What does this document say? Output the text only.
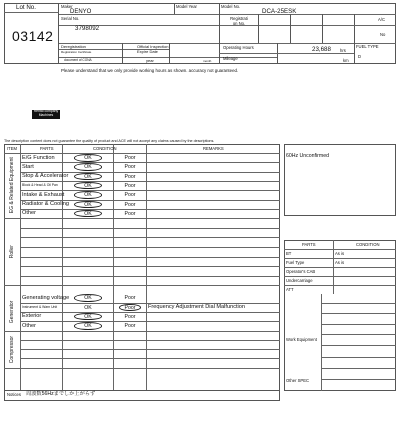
Lot No.
03142
Maker
DENYO
Model Year	Model No.
DCA-25ESK
Serial No.
3798092
Registrati
on No.
A/C
No
Deregistration
Registration Certificate
document of CONA
Official Inspection
Expire Date
year	month
Operating Hours	23,688 hrs
Mileage	km
FUEL TYPE
D
Please understand that we only provide working hours as shown. accuracy not guaranteed.
Rental company
Machines
The description content does not guarantee the quality of product and ACE will not accept any claims caused by the descriptions.
ITEM	PARTS	CONDITION	REMARKS
E/G Function	OK	Poor
Start	OK	Poor
Stop & Accelerator	OK	Poor
Block & Head & Oil Pan	OK	Poor
Intake & Exhaust	OK	Poor
Radiator & Cooling	OK	Poor
Other	OK	Poor
EG & Related Equipment
Roller
Generating voltage	OK	Poor
Instrument & Warn Unit	OK	Poor	Frequency Adjustment Dial Malfunction
Exterior	OK	Poor
Other	OK	Poor
Generator
Compressor
60Hz Unconfirmed
PARTS	CONDITION
BT	As is
Fuel Type	As is
Operator's CAB
Undercarriage
ATT
Work Equipment
Other SPEC
Notices 周波数56Hzまでしか上がらず
